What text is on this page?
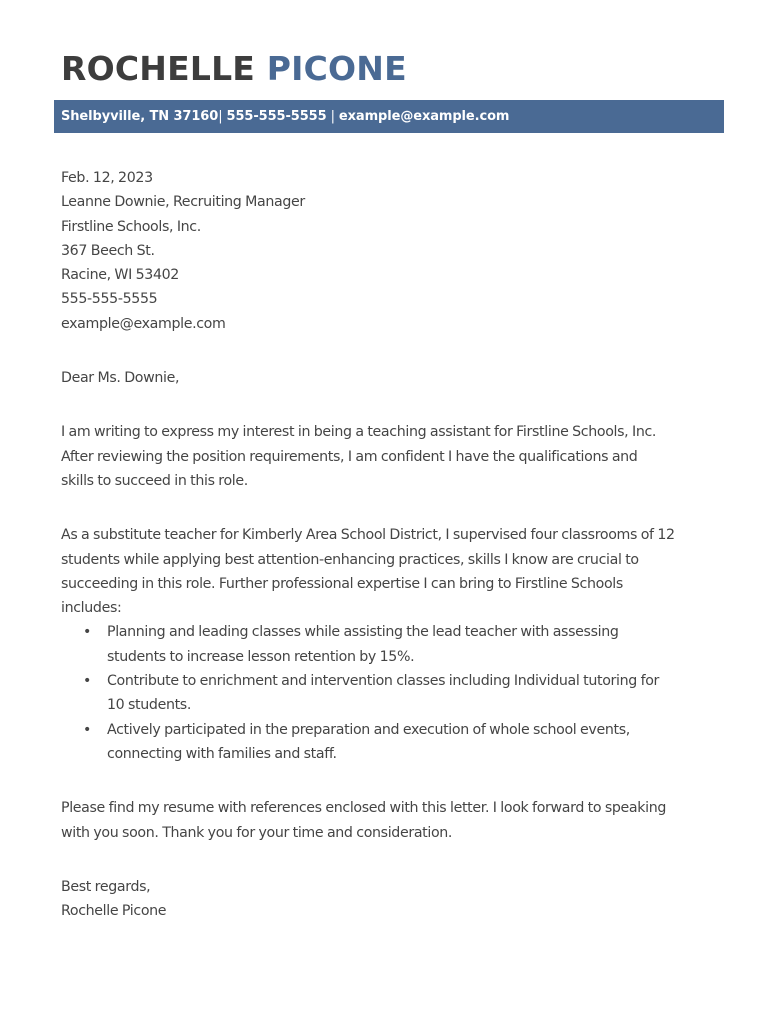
ROCHELLE PICONE
Shelbyville, TN 37160| 555-555-5555 | example@example.com
Feb. 12, 2023
Leanne Downie, Recruiting Manager
Firstline Schools, Inc.
367 Beech St.
Racine, WI 53402
555-555-5555
example@example.com

Dear Ms. Downie,

I am writing to express my interest in being a teaching assistant for Firstline Schools, Inc.
After reviewing the position requirements, I am confident I have the qualifications and
skills to succeed in this role.

As a substitute teacher for Kimberly Area School District, I supervised four classrooms of 12
students while applying best attention-enhancing practices, skills I know are crucial to
succeeding in this role. Further professional expertise I can bring to Firstline Schools
includes:

• Planning and leading classes while assisting the lead teacher with assessing
students to increase lesson retention by 15%.
• Contribute to enrichment and intervention classes including Individual tutoring for
10 students.
• Actively participated in the preparation and execution of whole school events,
connecting with families and staff.

Please find my resume with references enclosed with this letter. I look forward to speaking
with you soon. Thank you for your time and consideration.

Best regards,
Rochelle Picone
